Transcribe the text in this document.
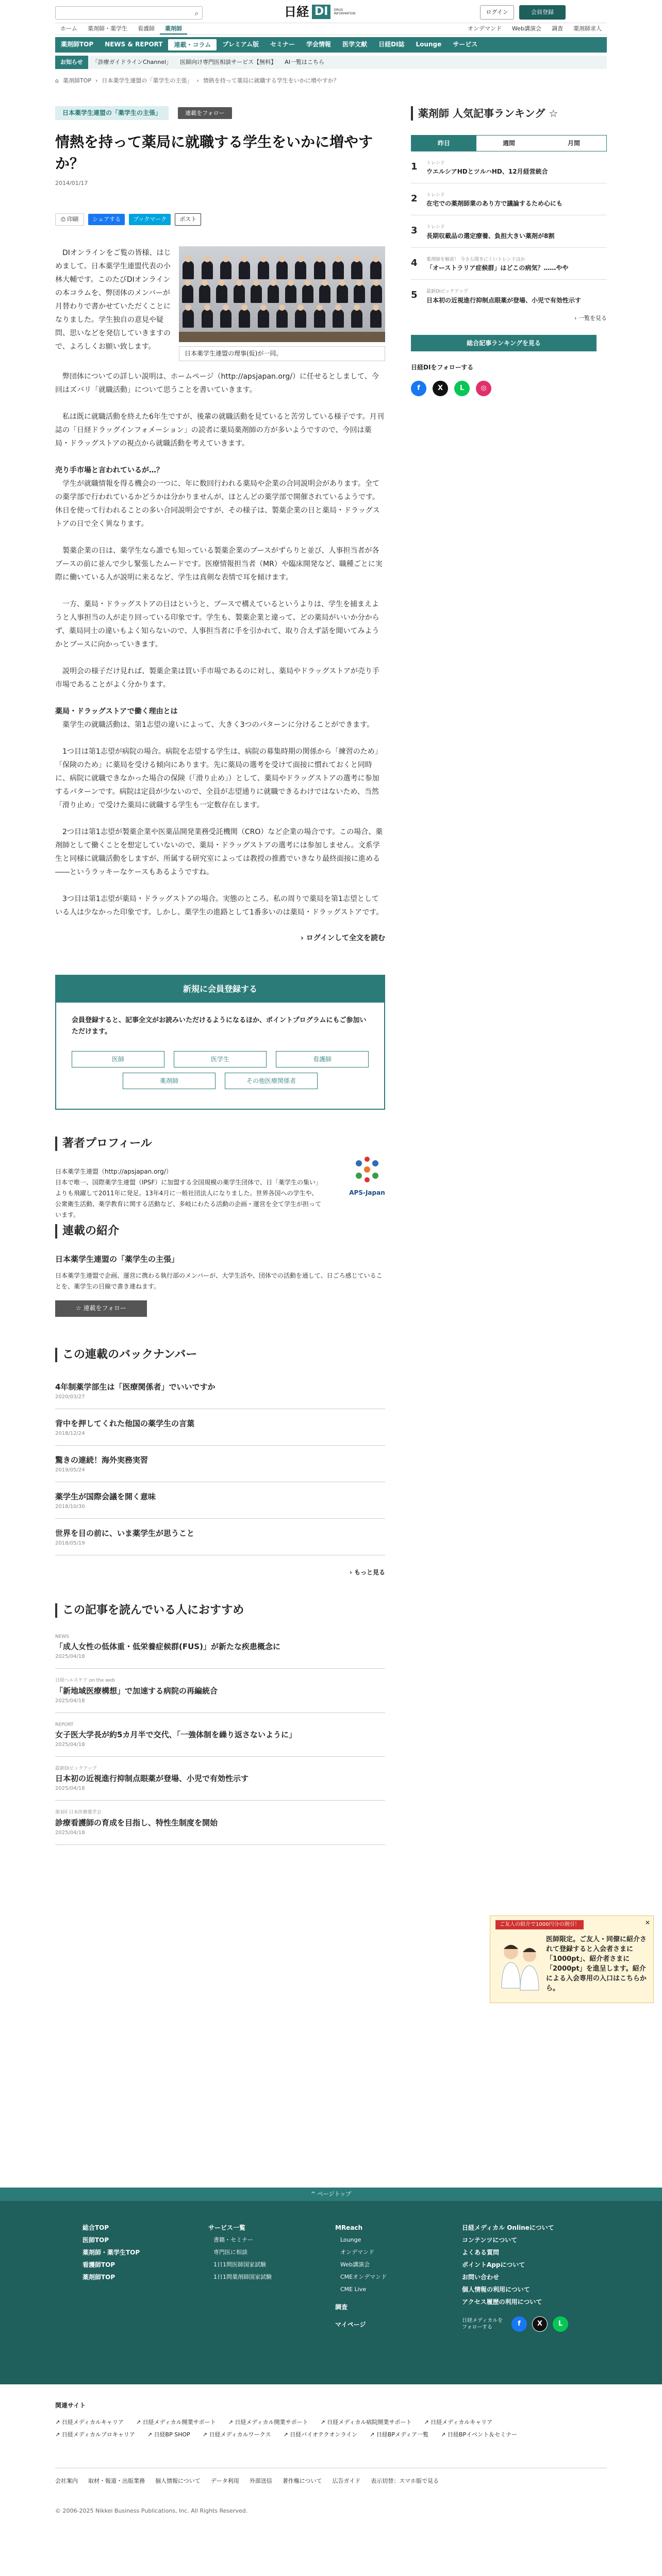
⌕	日経 DI	DRUG INFORMATION	ログイン	会員登録
ホーム	薬剤師・薬学生	看護師	薬剤師	オンデマンド	Web講演会	調査	薬剤師求人
薬剤師TOP	NEWS & REPORT	連載・コラム	プレミアム版	セミナー	学会情報	医学文献	日経DI誌	Lounge	サービス
お知らせ	「診療ガイドラインChannel」	医師向け専門医相談サービス【無料】	AI一覧はこちら
⌂ 薬剤師TOP › 日本薬学生連盟の「薬学生の主張」 › 情熱を持って薬局に就職する学生をいかに増やすか？
日本薬学生連盟の「薬学生の主張」	連載をフォロー
情熱を持って薬局に就職する学生をいかに増やすか？
2014/01/17
⎙ 印刷	シェアする	ブックマーク	ポスト
　DIオンラインをご覧の皆様、はじめまして。日本薬学生連盟代表の小林大輔です。このたびDIオンラインの本コラムを、弊団体のメンバーが月替わりで書かせていただくことになりました。学生独自の意見や疑問、思いなどを発信していきますので、よろしくお願い致します。
日本薬学生連盟の理事(仮)が一同。

　弊団体についての詳しい説明は、ホームページ（http://apsjapan.org/）に任せるとしまして、今回はズバリ「就職活動」について思うことを書いていきます。

　私は既に就職活動を終えた6年生ですが、後輩の就職活動を見ていると苦労している様子です。月刊誌の「日経ドラッグインフォメーション」の読者に薬局薬剤師の方が多いようですので、今回は薬局・ドラッグストアの視点から就職活動を考えていきます。

売り手市場と言われているが…？

　学生が就職情報を得る機会の一つに、年に数回行われる薬局や企業の合同説明会があります。全ての薬学部で行われているかどうかは分かりませんが、ほとんどの薬学部で開催されているようです。休日を使って行われることの多い合同説明会ですが、その様子は、製薬企業の日と薬局・ドラッグストアの日で全く異なります。

　製薬企業の日は、薬学生なら誰でも知っている製薬企業のブースがずらりと並び、人事担当者が各ブースの前に並んで少し緊張したムードです。医療情報担当者（MR）や臨床開発など、職種ごとに実際に働いている人が説明に来るなど、学生は真剣な表情で耳を傾けます。

　一方、薬局・ドラッグストアの日はというと、ブースで構えているというよりは、学生を捕まえようと人事担当の人が走り回っている印象です。学生も、製薬企業と違って、どの薬局がいいか分からず、薬局同士の違いもよく知らないので、人事担当者に手を引かれて、取り合えず話を聞いてみようかとブースに向かっていきます。

　説明会の様子だけ見れば、製薬企業は買い手市場であるのに対し、薬局やドラッグストアが売り手市場であることがよく分かります。

薬局・ドラッグストアで働く理由とは

　薬学生の就職活動は、第1志望の違いによって、大きく3つのパターンに分けることができます。

　1つ目は第1志望が病院の場合。病院を志望する学生は、病院の募集時期の関係から「練習のため」「保険のため」に薬局を受ける傾向にあります。先に薬局の選考を受けて面接に慣れておくと同時に、病院に就職できなかった場合の保険（「滑り止め」）として、薬局やドラッグストアの選考に参加するパターンです。病院は定員が少ないので、全員が志望通りに就職できるわけではないため、当然「滑り止め」で受けた薬局に就職する学生も一定数存在します。

　2つ目は第1志望が製薬企業や医薬品開発業務受託機関（CRO）など企業の場合です。この場合、薬剤師として働くことを想定していないので、薬局・ドラッグストアの選考には参加しません。文系学生と同様に就職活動をしますが、所属する研究室によっては教授の推薦でいきなり最終面接に進める――というラッキーなケースもあるようですね。

　3つ目は第1志望が薬局・ドラッグストアの場合。実態のところ、私の周りで薬局を第1志望としている人は少なかった印象です。しかし、薬学生の進路として1番多いのは薬局・ドラッグストアです。

› ログインして全文を読む
新規に会員登録する
会員登録すると、記事全文がお読みいただけるようになるほか、ポイントプログラムにもご参加いただけます。
医師	医学生	看護師
薬剤師	その他医療関係者
著者プロフィール
日本薬学生連盟（http://apsjapan.org/）
日本で唯一、国際薬学生連盟（IPSF）に加盟する全国規模の薬学生団体で、日「薬学生の集い」よりも飛躍して2011年に発足。13年4月に一般社団法人になりました。世界各国への学生や、公衆衛生活動、薬学教育に関する活動など、多岐にわたる活動の企画・運営を全て学生が担っています。
APS-Japan
連載の紹介
日本薬学生連盟の「薬学生の主張」
日本薬学生連盟で企画、運営に携わる執行部のメンバーが、大学生活や、団体での活動を通して、日ごろ感じていることを、薬学生の目線で書き連ねます。
☆ 連載をフォロー
この連載のバックナンバー
4年制薬学部生は「医療関係者」でいいですか
2020/03/27
背中を押してくれた他国の薬学生の言葉
2018/12/24
驚きの連続！海外実務実習
2019/05/24
薬学生が国際会議を開く意味
2018/10/30
世界を目の前に、いま薬学生が思うこと
2018/05/19
› もっと見る
この記事を読んでいる人におすすめ
NEWS
「成人女性の低体重・低栄養症候群(FUS)」が新たな疾患概念に
2025/04/18
日経ヘルスケア on the web
「新地域医療構想」で加速する病院の再編統合
2025/04/18
REPORT
女子医大学長が約5カ月半で交代、「一強体制を繰り返さないように」
2025/04/18
最新DIピックアップ
日本初の近視進行抑制点眼薬が登場、小児で有効性示す
2025/04/18
第3回 日本医療薬学会
診療看護師の育成を目指し、特性生制度を開始
2025/04/18
薬剤師 人気記事ランキング ☆
昨日	週間	月間
1	トレンド
ウエルシアHDとツルハHD、12月経営統合
2	トレンド
在宅での薬剤師業のあり方で議論するため心にも
3	トレンド
長期収載品の選定療養、負担大きい薬剤が8割
4	薬剤師を解説！ 今さら聞きにくいトレンドほか
「オーストラリア症候群」はどこの病気？……やや
5	最新DIピックアップ
日本初の近視進行抑制点眼薬が登場、小児で有効性示す
› 一覧を見る
総合記事ランキングを見る
日経DIをフォローする
f	X	L	◎
ご友人の紹介で1000円分の割引！	✕
医師限定。ご友人・同僚に紹介されて登録すると入会者さまに「1000pt」、紹介者さまに「2000pt」を進呈します。紹介による入会専用の入口はこちらから。
^ ページトップ
総合TOP
医師TOP
薬剤師・薬学生TOP
看護師TOP
薬剤師TOP
サービス一覧
書籍・セミナー
専門医に相談
1日1問医師国家試験
1日1問薬剤師国家試験
MReach
Lounge
オンデマンド
Web講演会
CMEオンデマンド
CME Live
調査
マイページ
日経メディカル Onlineについて
コンテンツについて
よくある質問
ポイントAppについて
お問い合わせ
個人情報の利用について
アクセス履歴の利用について
日経メディカルをフォローする	f	X	L
関連サイト
↗ 日経メディカルキャリア ↗ 日経メディカル開業サポート ↗ 日経メディカル開業サポート ↗ 日経メディカル病院開業サポート ↗ 日経メディカルキャリア
↗ 日経メディカルプロキャリア ↗ 日経BP SHOP ↗ 日経メディカルワークス ↗ 日経バイオテクオンライン ↗ 日経BPメディア一覧 ↗ 日経BPイベント＆セミナー
会社案内 取材・報道・出版業務 個人情報について データ利用 外部送信 著作権について 広告ガイド 表示切替：スマホ版で見る
© 2006-2025 Nikkei Business Publications, Inc. All Rights Reserved.
